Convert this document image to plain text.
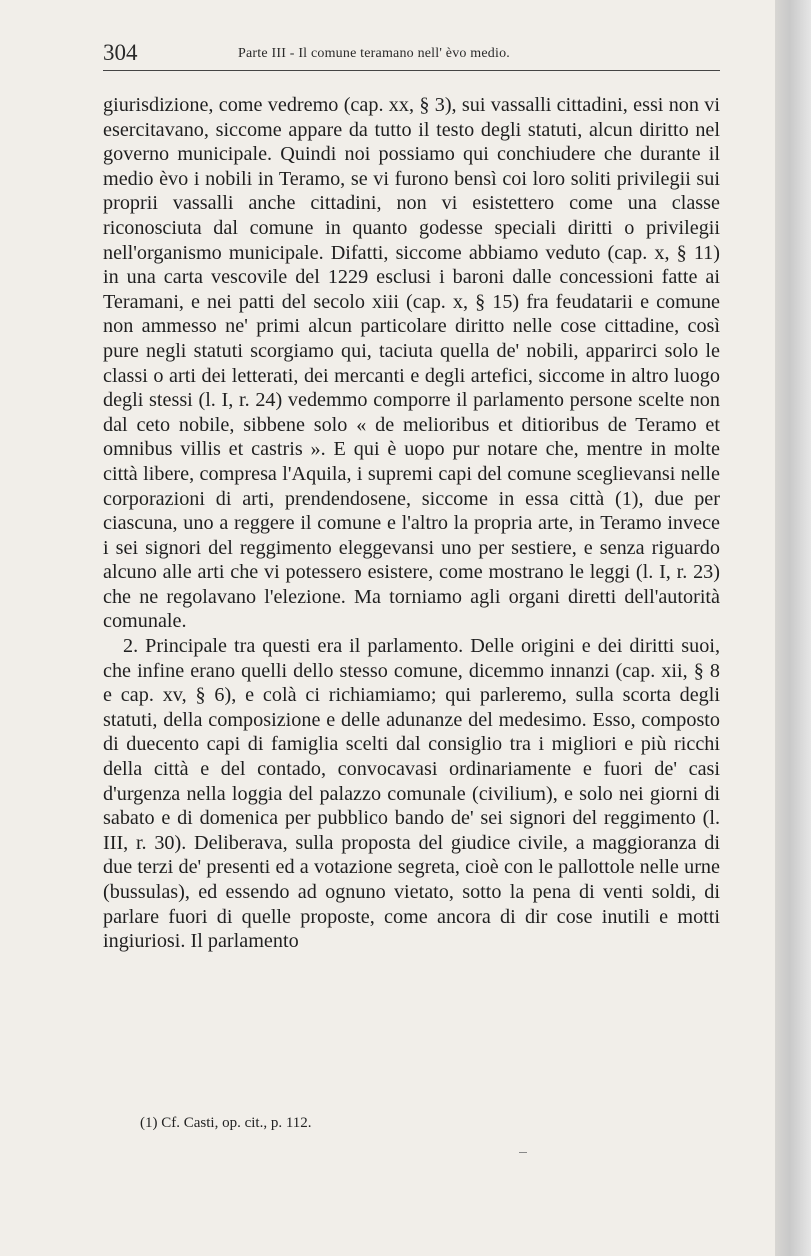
304	Parte III - Il comune teramano nell' èvo medio.

giurisdizione, come vedremo (cap. xx, § 3), sui vassalli cittadini, essi non vi esercitavano, siccome appare da tutto il testo degli statuti, alcun diritto nel governo municipale. Quindi noi possiamo qui conchiudere che durante il medio èvo i nobili in Teramo, se vi furono bensì coi loro soliti privilegii sui proprii vassalli anche cittadini, non vi esistettero come una classe riconosciuta dal comune in quanto godesse speciali diritti o privilegii nell'organismo municipale. Difatti, siccome abbiamo veduto (cap. x, § 11) in una carta vescovile del 1229 esclusi i baroni dalle concessioni fatte ai Teramani, e nei patti del secolo xiii (cap. x, § 15) fra feudatarii e comune non ammesso ne' primi alcun particolare diritto nelle cose cittadine, così pure negli statuti scorgiamo qui, taciuta quella de' nobili, apparirci solo le classi o arti dei letterati, dei mercanti e degli artefici, siccome in altro luogo degli stessi (l. I, r. 24) vedemmo comporre il parlamento persone scelte non dal ceto nobile, sibbene solo « de melioribus et ditioribus de Teramo et omnibus villis et castris ». E qui è uopo pur notare che, mentre in molte città libere, compresa l'Aquila, i supremi capi del comune sceglievansi nelle corporazioni di arti, prendendosene, siccome in essa città (1), due per ciascuna, uno a reggere il comune e l'altro la propria arte, in Teramo invece i sei signori del reggimento eleggevansi uno per sestiere, e senza riguardo alcuno alle arti che vi potessero esistere, come mostrano le leggi (l. I, r. 23) che ne regolavano l'elezione. Ma torniamo agli organi diretti dell'autorità comunale.

2. Principale tra questi era il parlamento. Delle origini e dei diritti suoi, che infine erano quelli dello stesso comune, dicemmo innanzi (cap. xii, § 8 e cap. xv, § 6), e colà ci richiamiamo; qui parleremo, sulla scorta degli statuti, della composizione e delle adunanze del medesimo. Esso, composto di duecento capi di famiglia scelti dal consiglio tra i migliori e più ricchi della città e del contado, convocavasi ordinariamente e fuori de' casi d'urgenza nella loggia del palazzo comunale (civilium), e solo nei giorni di sabato e di domenica per pubblico bando de' sei signori del reggimento (l. III, r. 30). Deliberava, sulla proposta del giudice civile, a maggioranza di due terzi de' presenti ed a votazione segreta, cioè con le pallottole nelle urne (bussulas), ed essendo ad ognuno vietato, sotto la pena di venti soldi, di parlare fuori di quelle proposte, come ancora di dir cose inutili e motti ingiuriosi. Il parlamento

(1) Cf. Casti, op. cit., p. 112.
